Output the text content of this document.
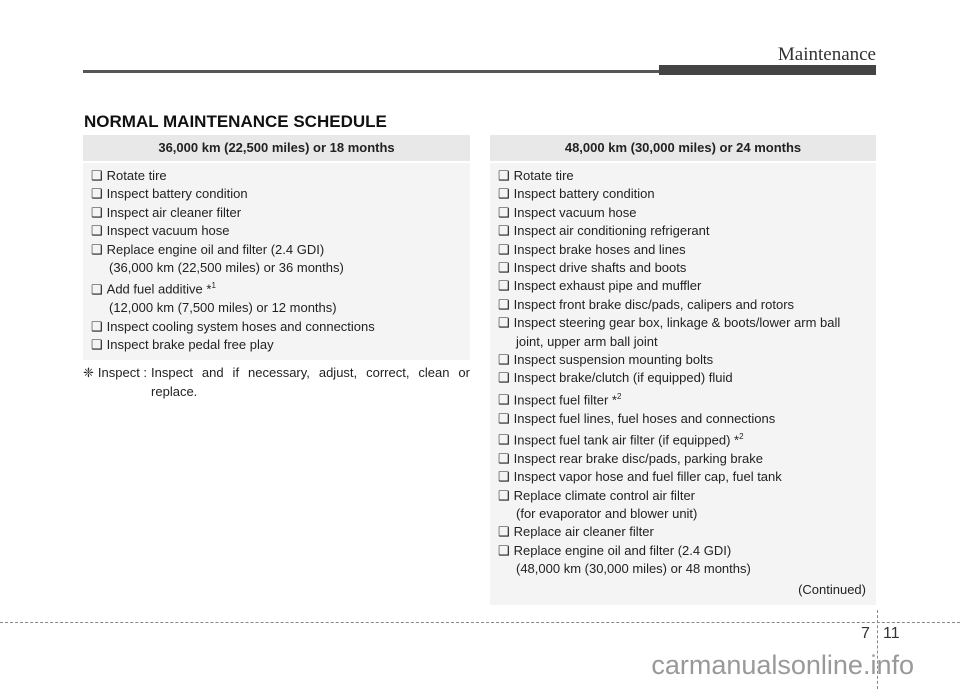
Maintenance
NORMAL MAINTENANCE SCHEDULE
36,000 km (22,500 miles) or 18 months
❑ Rotate tire
❑ Inspect battery condition
❑ Inspect air cleaner filter
❑ Inspect vacuum hose
❑ Replace engine oil and filter (2.4 GDI)
(36,000 km (22,500 miles) or 36 months)
❑ Add fuel additive *$^1$
(12,000 km (7,500 miles) or 12 months)
❑ Inspect cooling system hoses and connections
❑ Inspect brake pedal free play
❈ Inspect : Inspect and if necessary, adjust, correct, clean or replace.
48,000 km (30,000 miles) or 24 months
❑ Rotate tire
❑ Inspect battery condition
❑ Inspect vacuum hose
❑ Inspect air conditioning refrigerant
❑ Inspect brake hoses and lines
❑ Inspect drive shafts and boots
❑ Inspect exhaust pipe and muffler
❑ Inspect front brake disc/pads, calipers and rotors
❑ Inspect steering gear box, linkage & boots/lower arm ball
joint, upper arm ball joint
❑ Inspect suspension mounting bolts
❑ Inspect brake/clutch (if equipped) fluid
❑ Inspect fuel filter *$^2$
❑ Inspect fuel lines, fuel hoses and connections
❑ Inspect fuel tank air filter (if equipped) *$^2$
❑ Inspect rear brake disc/pads, parking brake
❑ Inspect vapor hose and fuel filler cap, fuel tank
❑ Replace climate control air filter
(for evaporator and blower unit)
❑ Replace air cleaner filter
❑ Replace engine oil and filter (2.4 GDI)
(48,000 km (30,000 miles) or 48 months)
(Continued)
7 11
carmanualsonline.info
